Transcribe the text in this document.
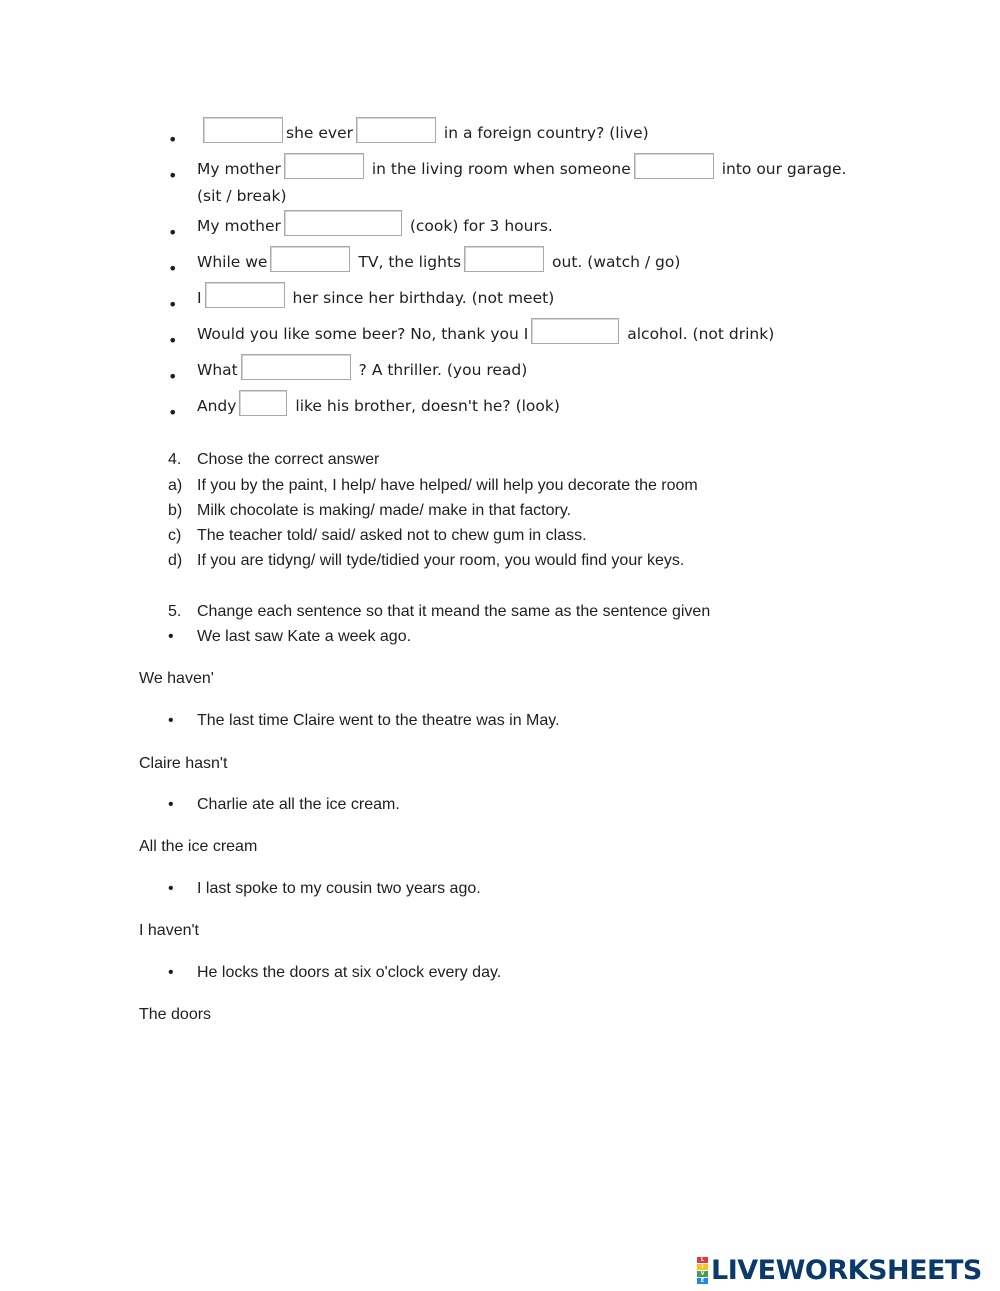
•	she ever	in a foreign country? (live)
• My mother	in the living room when someone	into our garage.
(sit / break)
• My mother	(cook) for 3 hours.
• While we	TV, the lights	out. (watch / go)
• I	her since her birthday. (not meet)
• Would you like some beer? No, thank you I	alcohol. (not drink)
• What	? A thriller. (you read)
• Andy	like his brother, doesn't he? (look)
4. Chose the correct answer
a) If you by the paint, I help/ have helped/ will help you decorate the room
b) Milk chocolate is making/ made/ make in that factory.
c) The teacher told/ said/ asked not to chew gum in class.
d) If you are tidyng/ will tyde/tidied your room, you would find your keys.
5. Change each sentence so that it meand the same as the sentence given
• We last saw Kate a week ago.
We haven'
• The last time Claire went to the theatre was in May.
Claire hasn't
• Charlie ate all the ice cream.
All the ice cream
• I last spoke to my cousin two years ago.
I haven't
• He locks the doors at six o'clock every day.
The doors
L
I
V
E LIVEWORKSHEETS
